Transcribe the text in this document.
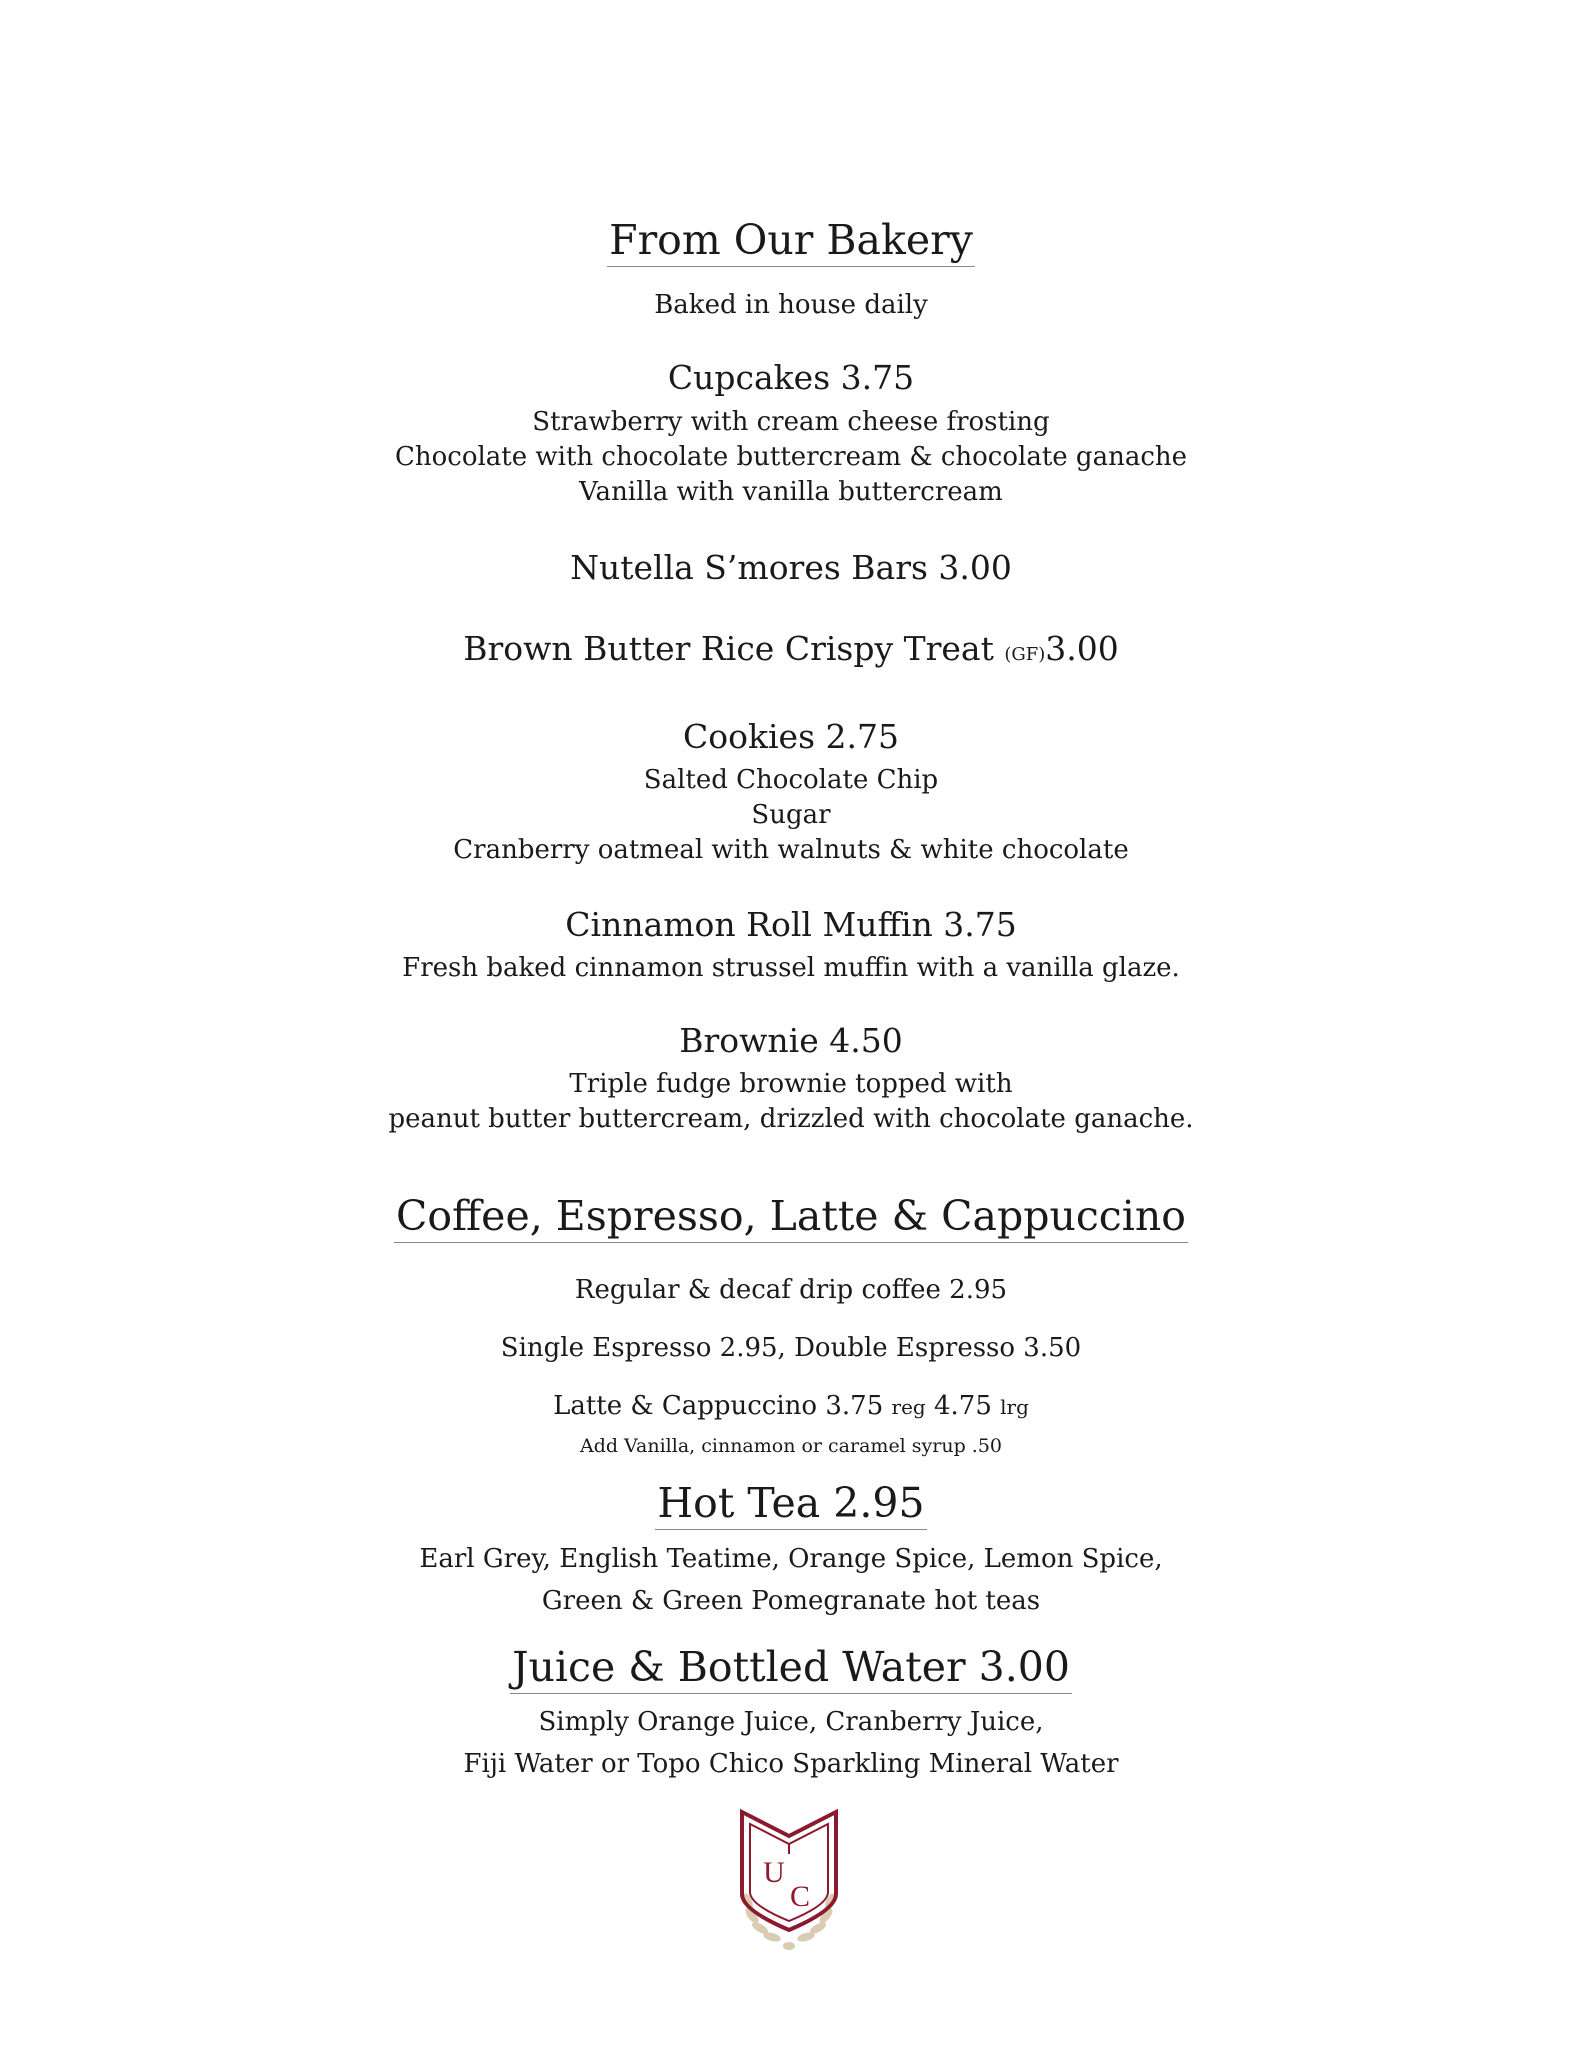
From Our Bakery
Baked in house daily
Cupcakes 3.75
Strawberry with cream cheese frosting
Chocolate with chocolate buttercream & chocolate ganache
Vanilla with vanilla buttercream
Nutella S’mores Bars 3.00
Brown Butter Rice Crispy Treat (GF)3.00
Cookies 2.75
Salted Chocolate Chip
Sugar
Cranberry oatmeal with walnuts & white chocolate
Cinnamon Roll Muffin 3.75
Fresh baked cinnamon strussel muffin with a vanilla glaze.
Brownie 4.50
Triple fudge brownie topped with
peanut butter buttercream, drizzled with chocolate ganache.
Coffee, Espresso, Latte & Cappuccino
Regular & decaf drip coffee 2.95
Single Espresso 2.95, Double Espresso 3.50
Latte & Cappuccino 3.75 reg 4.75 lrg
Add Vanilla, cinnamon or caramel syrup .50
Hot Tea 2.95
Earl Grey, English Teatime, Orange Spice, Lemon Spice,
Green & Green Pomegranate hot teas
Juice & Bottled Water 3.00
Simply Orange Juice, Cranberry Juice,
Fiji Water or Topo Chico Sparkling Mineral Water
U
C
